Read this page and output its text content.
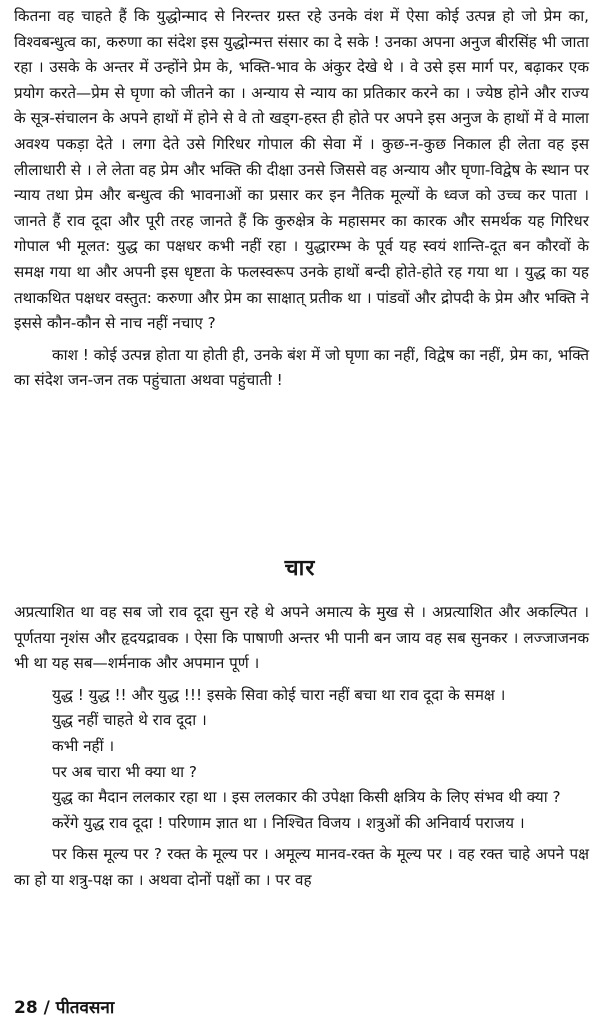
कितना वह चाहते हैं कि युद्धोन्माद से निरन्तर ग्रस्त रहे उनके वंश में ऐसा कोई उत्पन्न हो जो प्रेम का, विश्वबन्धुत्व का, करुणा का संदेश इस युद्धोन्मत्त संसार का दे सके ! उनका अपना अनुज बीरसिंह भी जाता रहा । उसके के अन्तर में उन्होंने प्रेम के, भक्ति-भाव के अंकुर देखे थे । वे उसे इस मार्ग पर, बढ़ाकर एक प्रयोग करते—प्रेम से घृणा को जीतने का । अन्याय से न्याय का प्रतिकार करने का । ज्येष्ठ होने और राज्य के सूत्र-संचालन के अपने हाथों में होने से वे तो खड्ग-हस्त ही होते पर अपने इस अनुज के हाथों में वे माला अवश्य पकड़ा देते । लगा देते उसे गिरिधर गोपाल की सेवा में । कुछ-न-कुछ निकाल ही लेता वह इस लीलाधारी से । ले लेता वह प्रेम और भक्ति की दीक्षा उनसे जिससे वह अन्याय और घृणा-विद्वेष के स्थान पर न्याय तथा प्रेम और बन्धुत्व की भावनाओं का प्रसार कर इन नैतिक मूल्यों के ध्वज को उच्च कर पाता । जानते हैं राव दूदा और पूरी तरह जानते हैं कि कुरुक्षेत्र के महासमर का कारक और समर्थक यह गिरिधर गोपाल भी मूलत: युद्ध का पक्षधर कभी नहीं रहा । युद्धारम्भ के पूर्व यह स्वयं शान्ति-दूत बन कौरवों के समक्ष गया था और अपनी इस धृष्टता के फलस्वरूप उनके हाथों बन्दी होते-होते रह गया था । युद्ध का यह तथाकथित पक्षधर वस्तुत: करुणा और प्रेम का साक्षात् प्रतीक था । पांडवों और द्रोपदी के प्रेम और भक्ति ने इससे कौन-कौन से नाच नहीं नचाए ?

काश ! कोई उत्पन्न होता या होती ही, उनके बंश में जो घृणा का नहीं, विद्वेष का नहीं, प्रेम का, भक्ति का संदेश जन-जन तक पहुंचाता अथवा पहुंचाती !

चार

अप्रत्याशित था वह सब जो राव दूदा सुन रहे थे अपने अमात्य के मुख से । अप्रत्याशित और अकल्पित । पूर्णतया नृशंस और हृदयद्रावक । ऐसा कि पाषाणी अन्तर भी पानी बन जाय वह सब सुनकर । लज्जाजनक भी था यह सब—शर्मनाक और अपमान पूर्ण ।

युद्ध ! युद्ध !! और युद्ध !!! इसके सिवा कोई चारा नहीं बचा था राव दूदा के समक्ष ।

युद्ध नहीं चाहते थे राव दूदा ।

कभी नहीं ।

पर अब चारा भी क्या था ?

युद्ध का मैदान ललकार रहा था । इस ललकार की उपेक्षा किसी क्षत्रिय के लिए संभव थी क्या ?

करेंगे युद्ध राव दूदा ! परिणाम ज्ञात था । निश्चित विजय । शत्रुओं की अनिवार्य पराजय ।

पर किस मूल्य पर ? रक्त के मूल्य पर । अमूल्य मानव-रक्त के मूल्य पर । वह रक्त चाहे अपने पक्ष का हो या शत्रु-पक्ष का । अथवा दोनों पक्षों का । पर वह

28 / पीतवसना
